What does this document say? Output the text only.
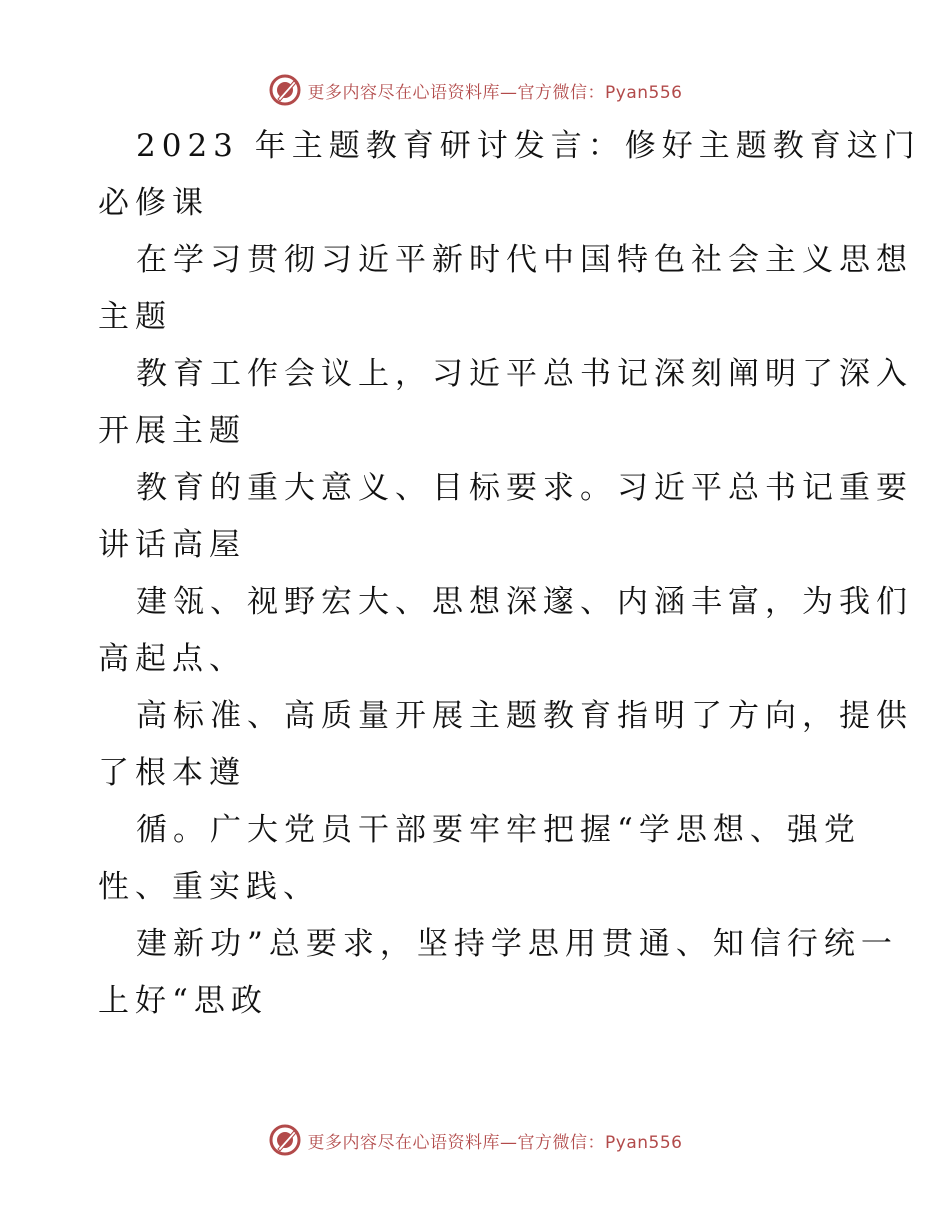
更多内容尽在心语资料库—官方微信：Pyan556
2023 年主题教育研讨发言：修好主题教育这门
必修课
在学习贯彻习近平新时代中国特色社会主义思想
主题
教育工作会议上，习近平总书记深刻阐明了深入
开展主题
教育的重大意义、目标要求。习近平总书记重要
讲话高屋
建瓴、视野宏大、思想深邃、内涵丰富，为我们
高起点、
高标准、高质量开展主题教育指明了方向，提供
了根本遵
循。广大党员干部要牢牢把握“学思想、强党
性、重实践、
建新功”总要求，坚持学思用贯通、知信行统一
上好“思政
更多内容尽在心语资料库—官方微信：Pyan556
